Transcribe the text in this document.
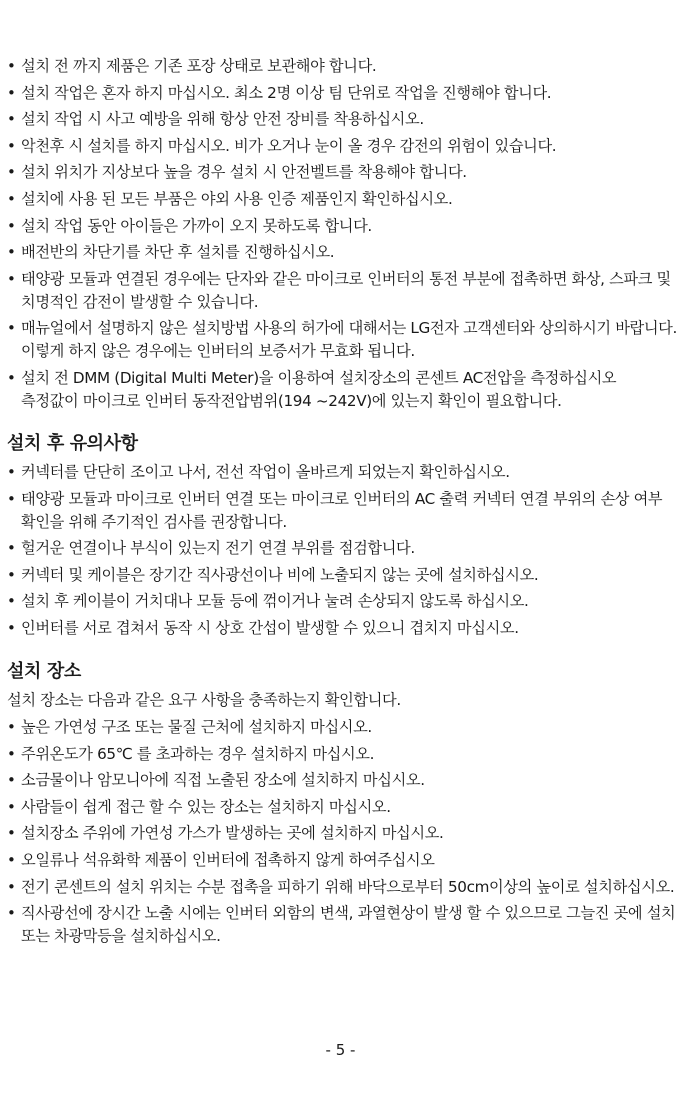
• 설치 전 까지 제품은 기존 포장 상태로 보관해야 합니다.
• 설치 작업은 혼자 하지 마십시오. 최소 2명 이상 팀 단위로 작업을 진행해야 합니다.
• 설치 작업 시 사고 예방을 위해 항상 안전 장비를 착용하십시오.
• 악천후 시 설치를 하지 마십시오. 비가 오거나 눈이 올 경우 감전의 위험이 있습니다.
• 설치 위치가 지상보다 높을 경우 설치 시 안전벨트를 착용해야 합니다.
• 설치에 사용 된 모든 부품은 야외 사용 인증 제품인지 확인하십시오.
• 설치 작업 동안 아이들은 가까이 오지 못하도록 합니다.
• 배전반의 차단기를 차단 후 설치를 진행하십시오.
• 태양광 모듈과 연결된 경우에는 단자와 같은 마이크로 인버터의 통전 부분에 접촉하면 화상, 스파크 및 치명적인 감전이 발생할 수 있습니다.
• 매뉴얼에서 설명하지 않은 설치방법 사용의 허가에 대해서는 LG전자 고객센터와 상의하시기 바랍니다. 이렇게 하지 않은 경우에는 인버터의 보증서가 무효화 됩니다.
• 설치 전 DMM (Digital Multi Meter)을 이용하여 설치장소의 콘센트 AC전압을 측정하십시오 측정값이 마이크로 인버터 동작전압범위(194 ~242V)에 있는지 확인이 필요합니다.
설치 후 유의사항
• 커넥터를 단단히 조이고 나서, 전선 작업이 올바르게 되었는지 확인하십시오.
• 태양광 모듈과 마이크로 인버터 연결 또는 마이크로 인버터의 AC 출력 커넥터 연결 부위의 손상 여부 확인을 위해 주기적인 검사를 권장합니다.
• 헐거운 연결이나 부식이 있는지 전기 연결 부위를 점검합니다.
• 커넥터 및 케이블은 장기간 직사광선이나 비에 노출되지 않는 곳에 설치하십시오.
• 설치 후 케이블이 거치대나 모듈 등에 꺾이거나 눌려 손상되지 않도록 하십시오.
• 인버터를 서로 겹쳐서 동작 시 상호 간섭이 발생할 수 있으니 겹치지 마십시오.
설치 장소

설치 장소는 다음과 같은 요구 사항을 충족하는지 확인합니다.

• 높은 가연성 구조 또는 물질 근처에 설치하지 마십시오.
• 주위온도가 65℃ 를 초과하는 경우 설치하지 마십시오.
• 소금물이나 암모니아에 직접 노출된 장소에 설치하지 마십시오.
• 사람들이 쉽게 접근 할 수 있는 장소는 설치하지 마십시오.
• 설치장소 주위에 가연성 가스가 발생하는 곳에 설치하지 마십시오.
• 오일류나 석유화학 제품이 인버터에 접촉하지 않게 하여주십시오
• 전기 콘센트의 설치 위치는 수분 접촉을 피하기 위해 바닥으로부터 50cm이상의 높이로 설치하십시오.
• 직사광선에 장시간 노출 시에는 인버터 외함의 변색, 과열현상이 발생 할 수 있으므로 그늘진 곳에 설치 또는 차광막등을 설치하십시오.
- 5 -
